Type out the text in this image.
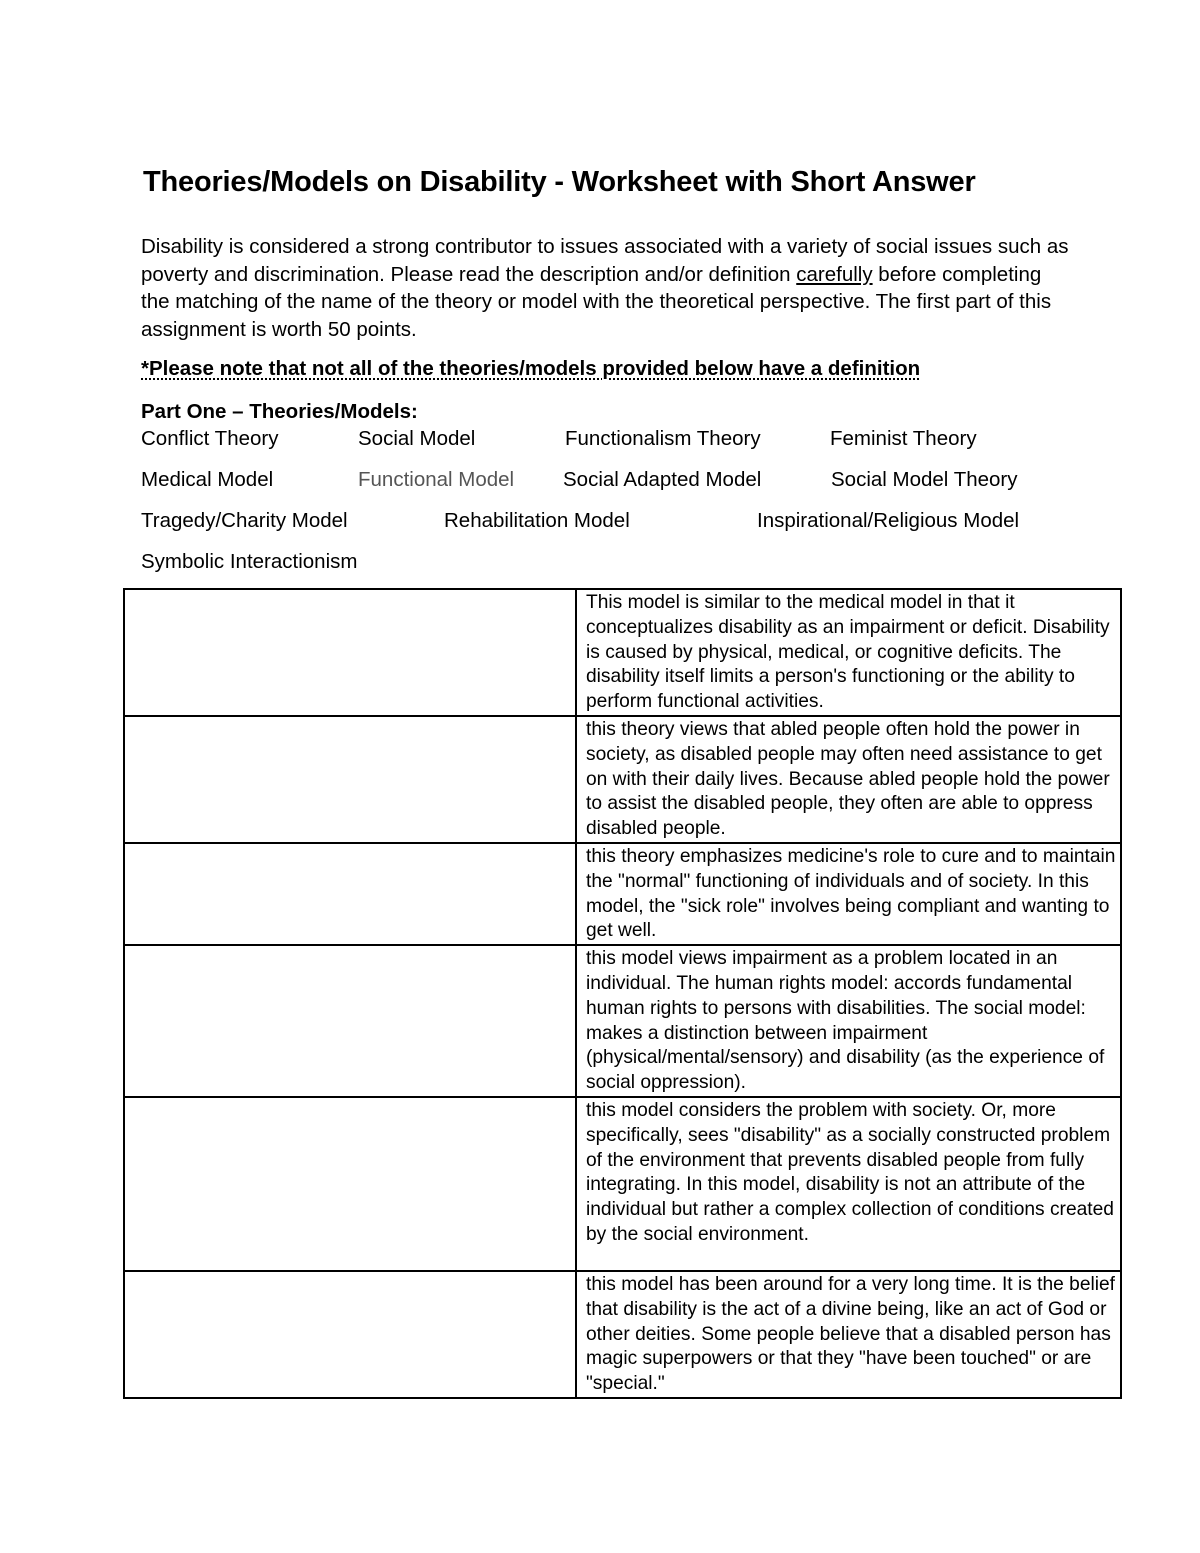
Theories/Models on Disability - Worksheet with Short Answer
Disability is considered a strong contributor to issues associated with a variety of social issues such as poverty and discrimination. Please read the description and/or definition carefully before completing the matching of the name of the theory or model with the theoretical perspective. The first part of this assignment is worth 50 points.
*Please note that not all of the theories/models provided below have a definition
Part One – Theories/Models:
Conflict Theory	Social Model	Functionalism Theory	Feminist Theory
Medical Model	Functional Model Social Adapted Model	Social Model Theory
Tragedy/Charity Model	Rehabilitation Model	Inspirational/Religious Model
Symbolic Interactionism
	This model is similar to the medical model in that it conceptualizes disability as an impairment or deficit. Disability is caused by physical, medical, or cognitive deficits. The disability itself limits a person's functioning or the ability to perform functional activities.
	this theory views that abled people often hold the power in society, as disabled people may often need assistance to get on with their daily lives. Because abled people hold the power to assist the disabled people, they often are able to oppress disabled people.
	this theory emphasizes medicine's role to cure and to maintain the "normal" functioning of individuals and of society. In this model, the "sick role" involves being compliant and wanting to get well.
	this model views impairment as a problem located in an individual. The human rights model: accords fundamental human rights to persons with disabilities. The social model: makes a distinction between impairment (physical/mental/sensory) and disability (as the experience of social oppression).
	this model considers the problem with society. Or, more specifically, sees "disability" as a socially constructed problem of the environment that prevents disabled people from fully integrating. In this model, disability is not an attribute of the individual but rather a complex collection of conditions created by the social environment.
	this model has been around for a very long time. It is the belief that disability is the act of a divine being, like an act of God or other deities. Some people believe that a disabled person has magic superpowers or that they "have been touched" or are "special."
